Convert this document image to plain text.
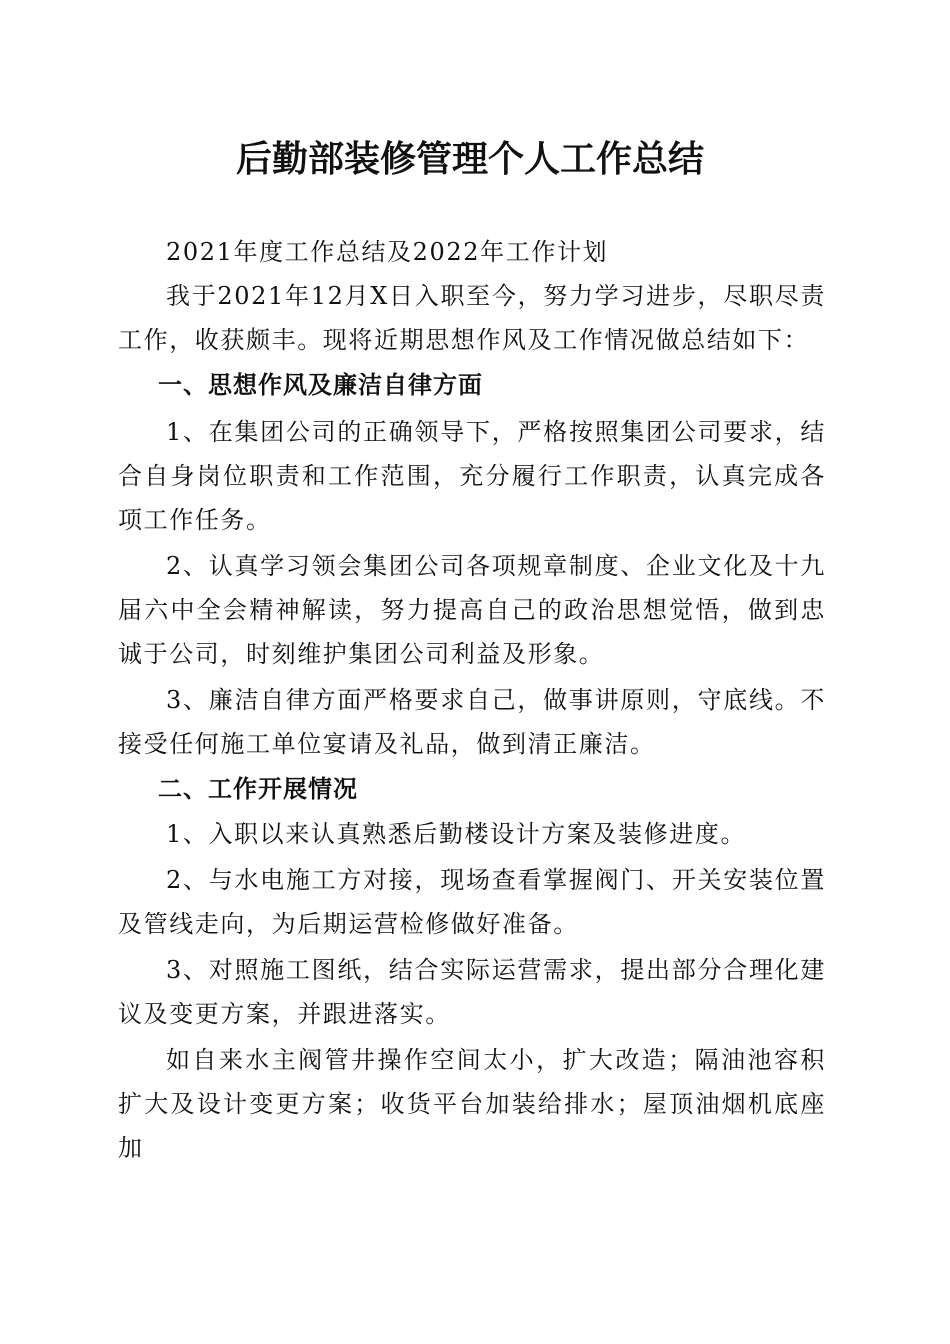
后勤部装修管理个人工作总结

2021年度工作总结及2022年工作计划

我于2021年12月X日入职至今，努力学习进步，尽职尽责工作，收获颇丰。现将近期思想作风及工作情况做总结如下：

一、思想作风及廉洁自律方面

1、在集团公司的正确领导下，严格按照集团公司要求，结合自身岗位职责和工作范围，充分履行工作职责，认真完成各项工作任务。

2、认真学习领会集团公司各项规章制度、企业文化及十九届六中全会精神解读，努力提高自己的政治思想觉悟，做到忠诚于公司，时刻维护集团公司利益及形象。

3、廉洁自律方面严格要求自己，做事讲原则，守底线。不接受任何施工单位宴请及礼品，做到清正廉洁。

二、工作开展情况

1、入职以来认真熟悉后勤楼设计方案及装修进度。

2、与水电施工方对接，现场查看掌握阀门、开关安装位置及管线走向，为后期运营检修做好准备。

3、对照施工图纸，结合实际运营需求，提出部分合理化建议及变更方案，并跟进落实。

如自来水主阀管井操作空间太小，扩大改造；隔油池容积扩大及设计变更方案；收货平台加装给排水；屋顶油烟机底座加
